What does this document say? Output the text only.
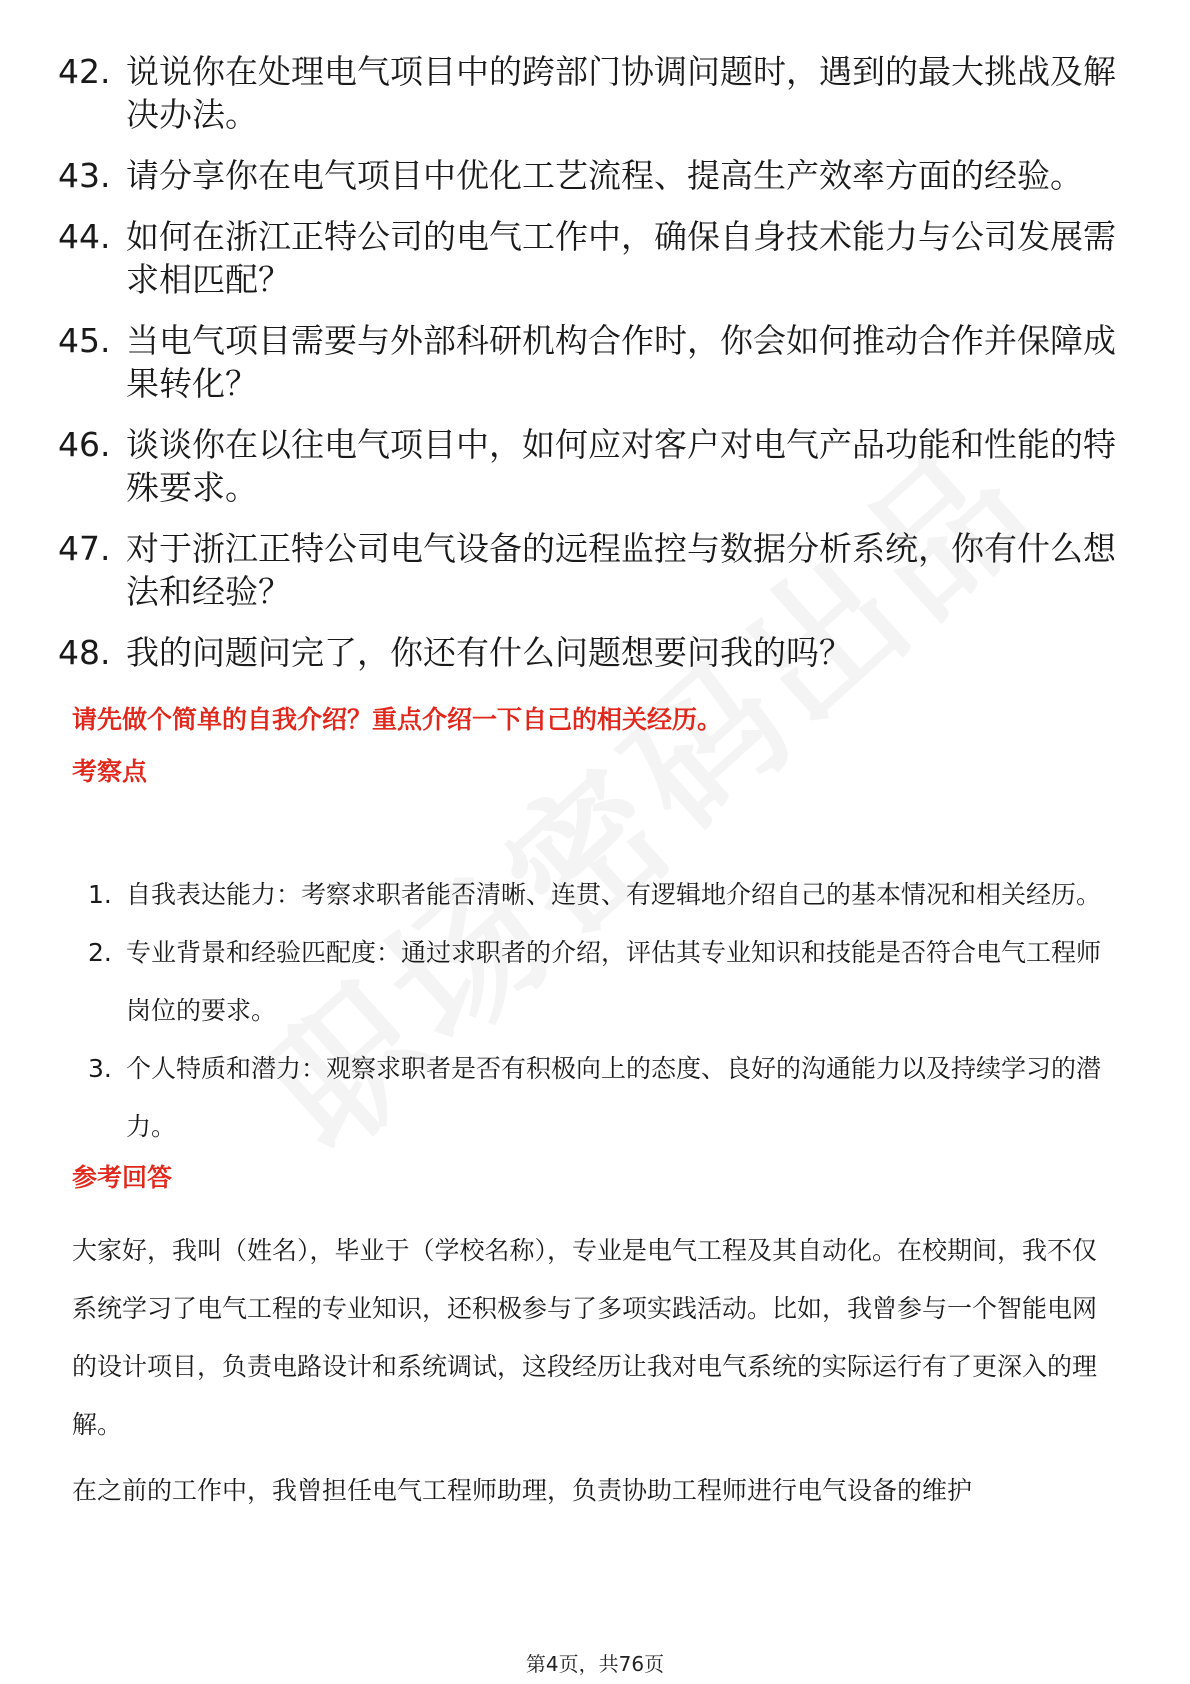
42. 说说你在处理电气项目中的跨部门协调问题时，遇到的最大挑战及解决办法。
43. 请分享你在电气项目中优化工艺流程、提高生产效率方面的经验。
44. 如何在浙江正特公司的电气工作中，确保自身技术能力与公司发展需求相匹配？
45. 当电气项目需要与外部科研机构合作时，你会如何推动合作并保障成果转化？
46. 谈谈你在以往电气项目中，如何应对客户对电气产品功能和性能的特殊要求。
47. 对于浙江正特公司电气设备的远程监控与数据分析系统，你有什么想法和经验？
48. 我的问题问完了，你还有什么问题想要问我的吗？
请先做个简单的自我介绍？重点介绍一下自己的相关经历。
考察点
1. 自我表达能力：考察求职者能否清晰、连贯、有逻辑地介绍自己的基本情况和相关经历。
2. 专业背景和经验匹配度：通过求职者的介绍，评估其专业知识和技能是否符合电气工程师岗位的要求。
3. 个人特质和潜力：观察求职者是否有积极向上的态度、良好的沟通能力以及持续学习的潜力。
参考回答

大家好，我叫（姓名），毕业于（学校名称），专业是电气工程及其自动化。在校期间，我不仅系统学习了电气工程的专业知识，还积极参与了多项实践活动。比如，我曾参与一个智能电网的设计项目，负责电路设计和系统调试，这段经历让我对电气系统的实际运行有了更深入的理解。

在之前的工作中，我曾担任电气工程师助理，负责协助工程师进行电气设备的维护

第4页，共76页
